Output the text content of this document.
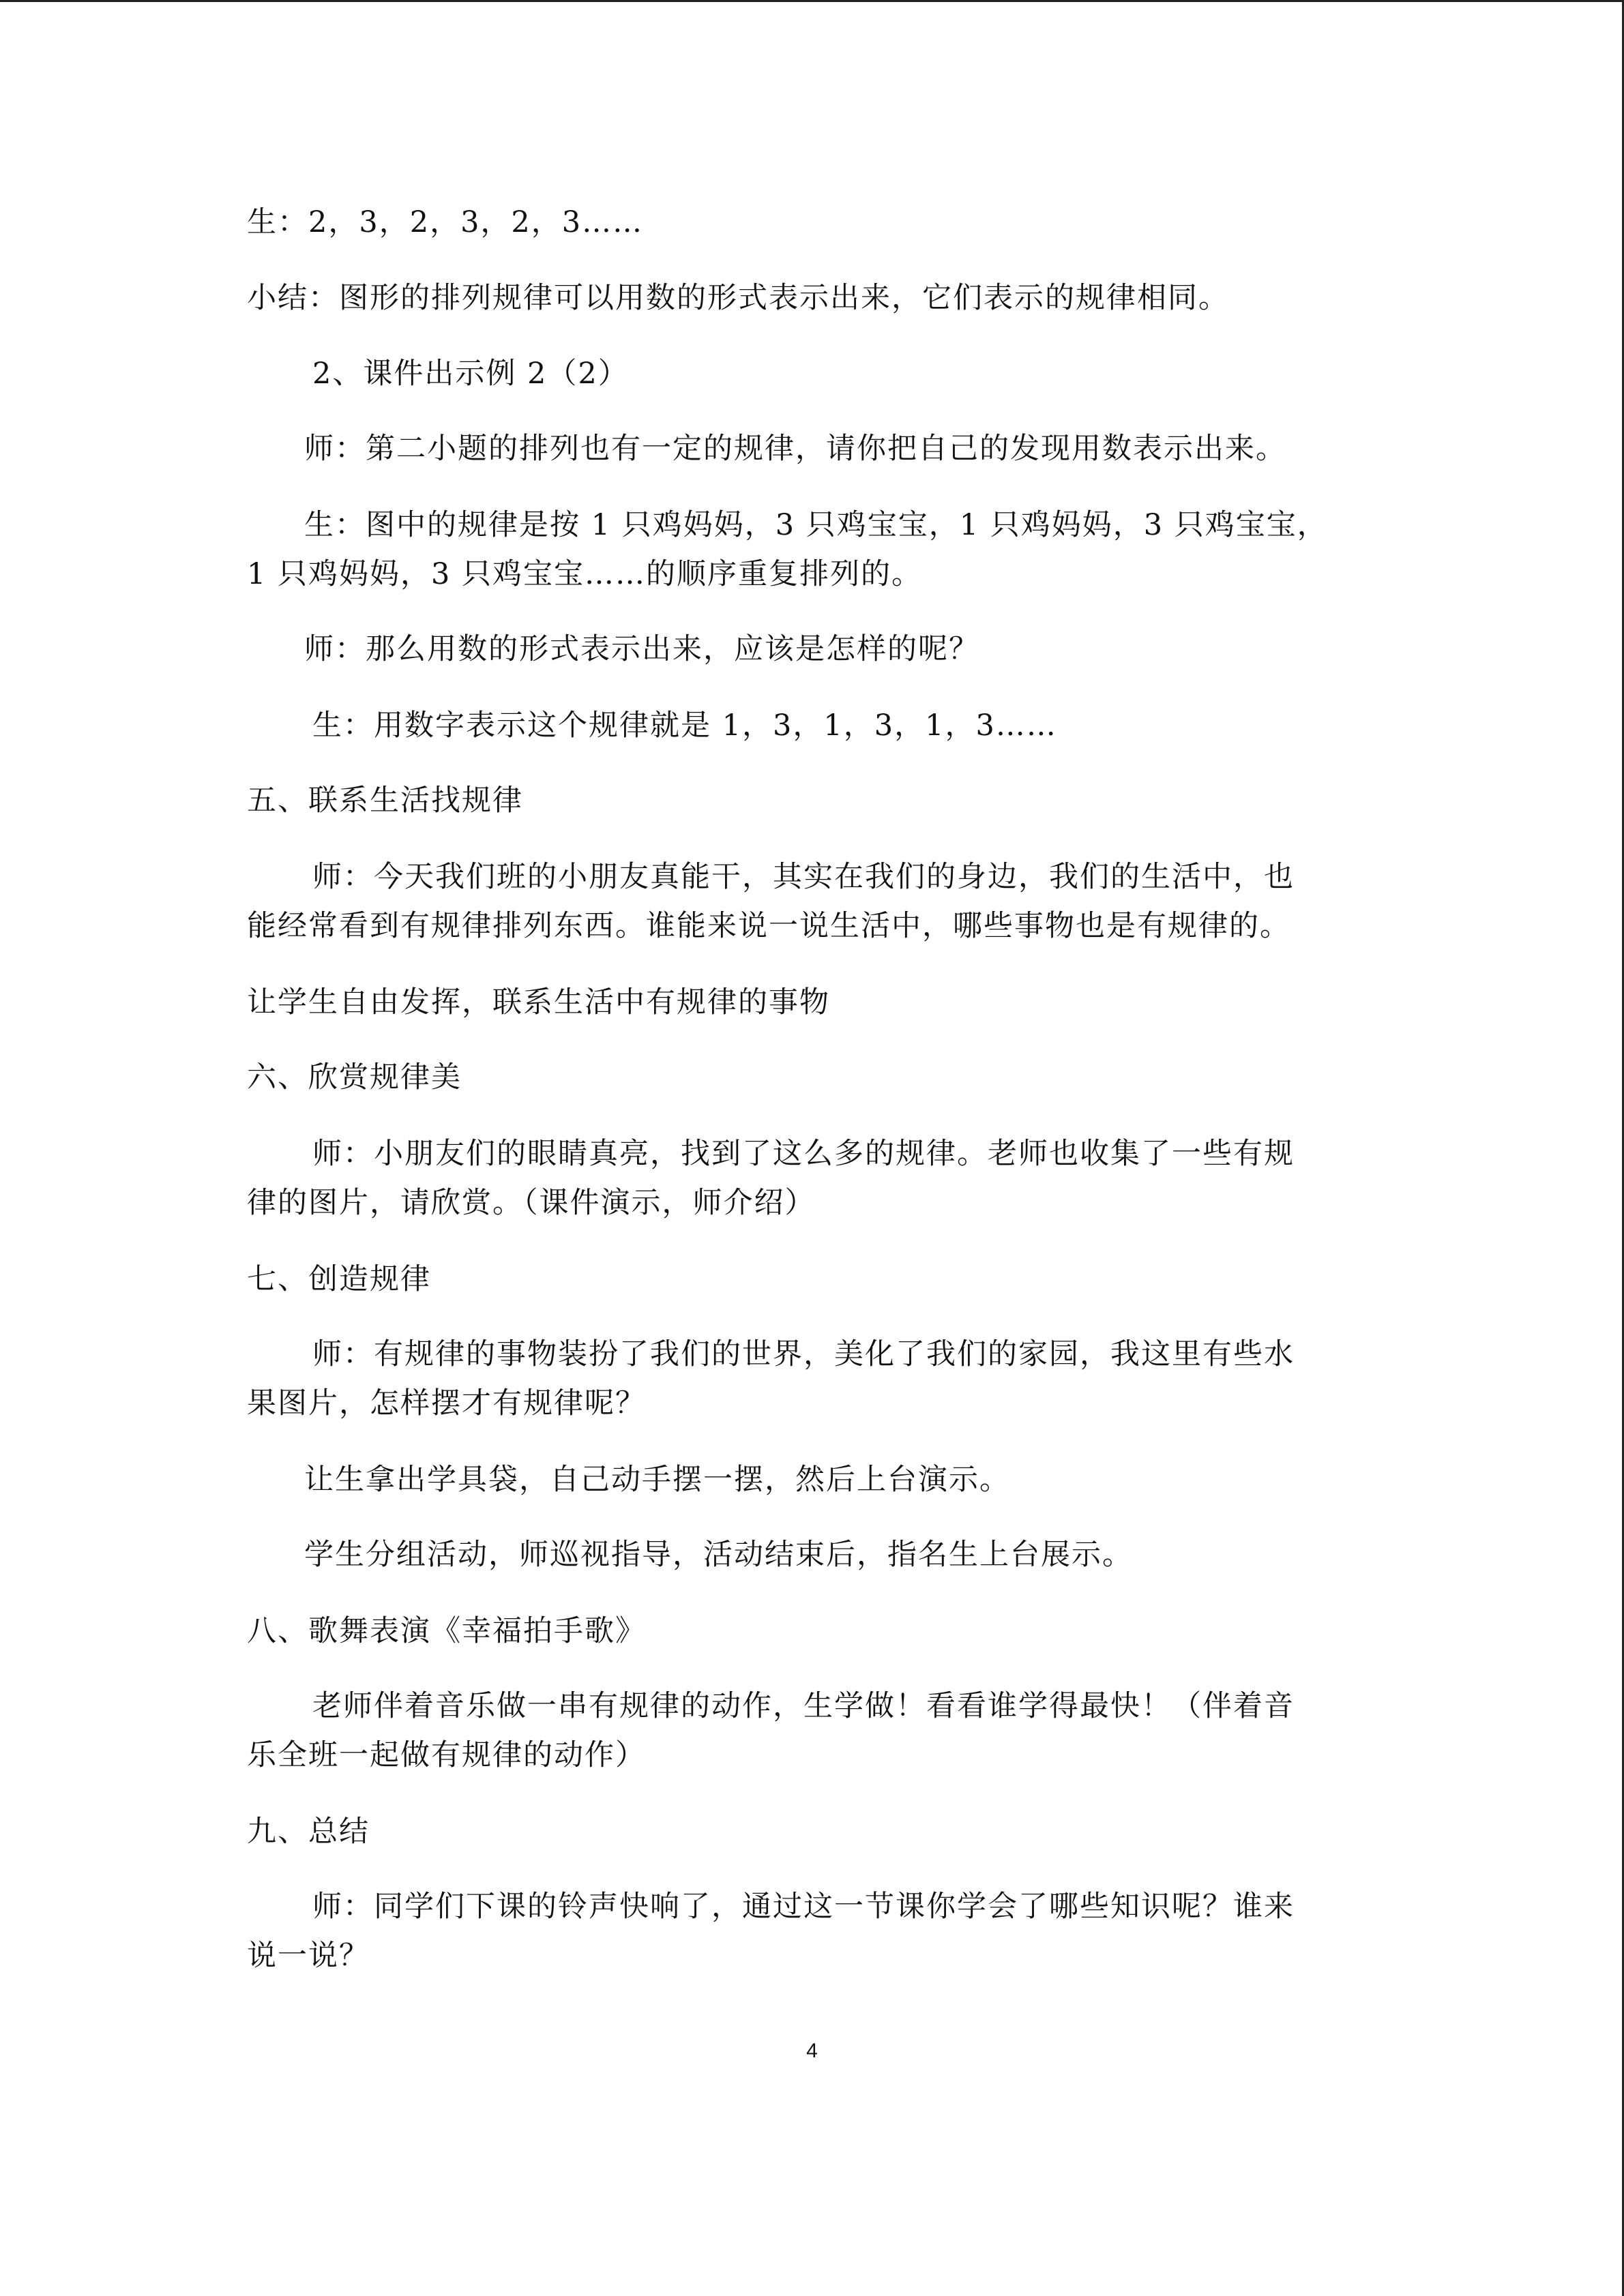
生：2，3，2，3，2，3……
小结：图形的排列规律可以用数的形式表示出来，它们表示的规律相同。
2、课件出示例 2（2）
师：第二小题的排列也有一定的规律，请你把自己的发现用数表示出来。
生：图中的规律是按 1 只鸡妈妈，3 只鸡宝宝，1 只鸡妈妈，3 只鸡宝宝，
1 只鸡妈妈，3 只鸡宝宝……的顺序重复排列的。
师：那么用数的形式表示出来，应该是怎样的呢？
生：用数字表示这个规律就是 1，3，1，3，1，3……
五、联系生活找规律
师：今天我们班的小朋友真能干，其实在我们的身边，我们的生活中，也
能经常看到有规律排列东西。谁能来说一说生活中，哪些事物也是有规律的。
让学生自由发挥，联系生活中有规律的事物
六、欣赏规律美
师：小朋友们的眼睛真亮，找到了这么多的规律。老师也收集了一些有规
律的图片，请欣赏。（课件演示，师介绍）
七、创造规律
师：有规律的事物装扮了我们的世界，美化了我们的家园，我这里有些水
果图片，怎样摆才有规律呢？
让生拿出学具袋，自己动手摆一摆，然后上台演示。
学生分组活动，师巡视指导，活动结束后，指名生上台展示。
八、歌舞表演《幸福拍手歌》
老师伴着音乐做一串有规律的动作，生学做！看看谁学得最快！（伴着音
乐全班一起做有规律的动作）
九、总结
师：同学们下课的铃声快响了，通过这一节课你学会了哪些知识呢？谁来
说一说？
4
